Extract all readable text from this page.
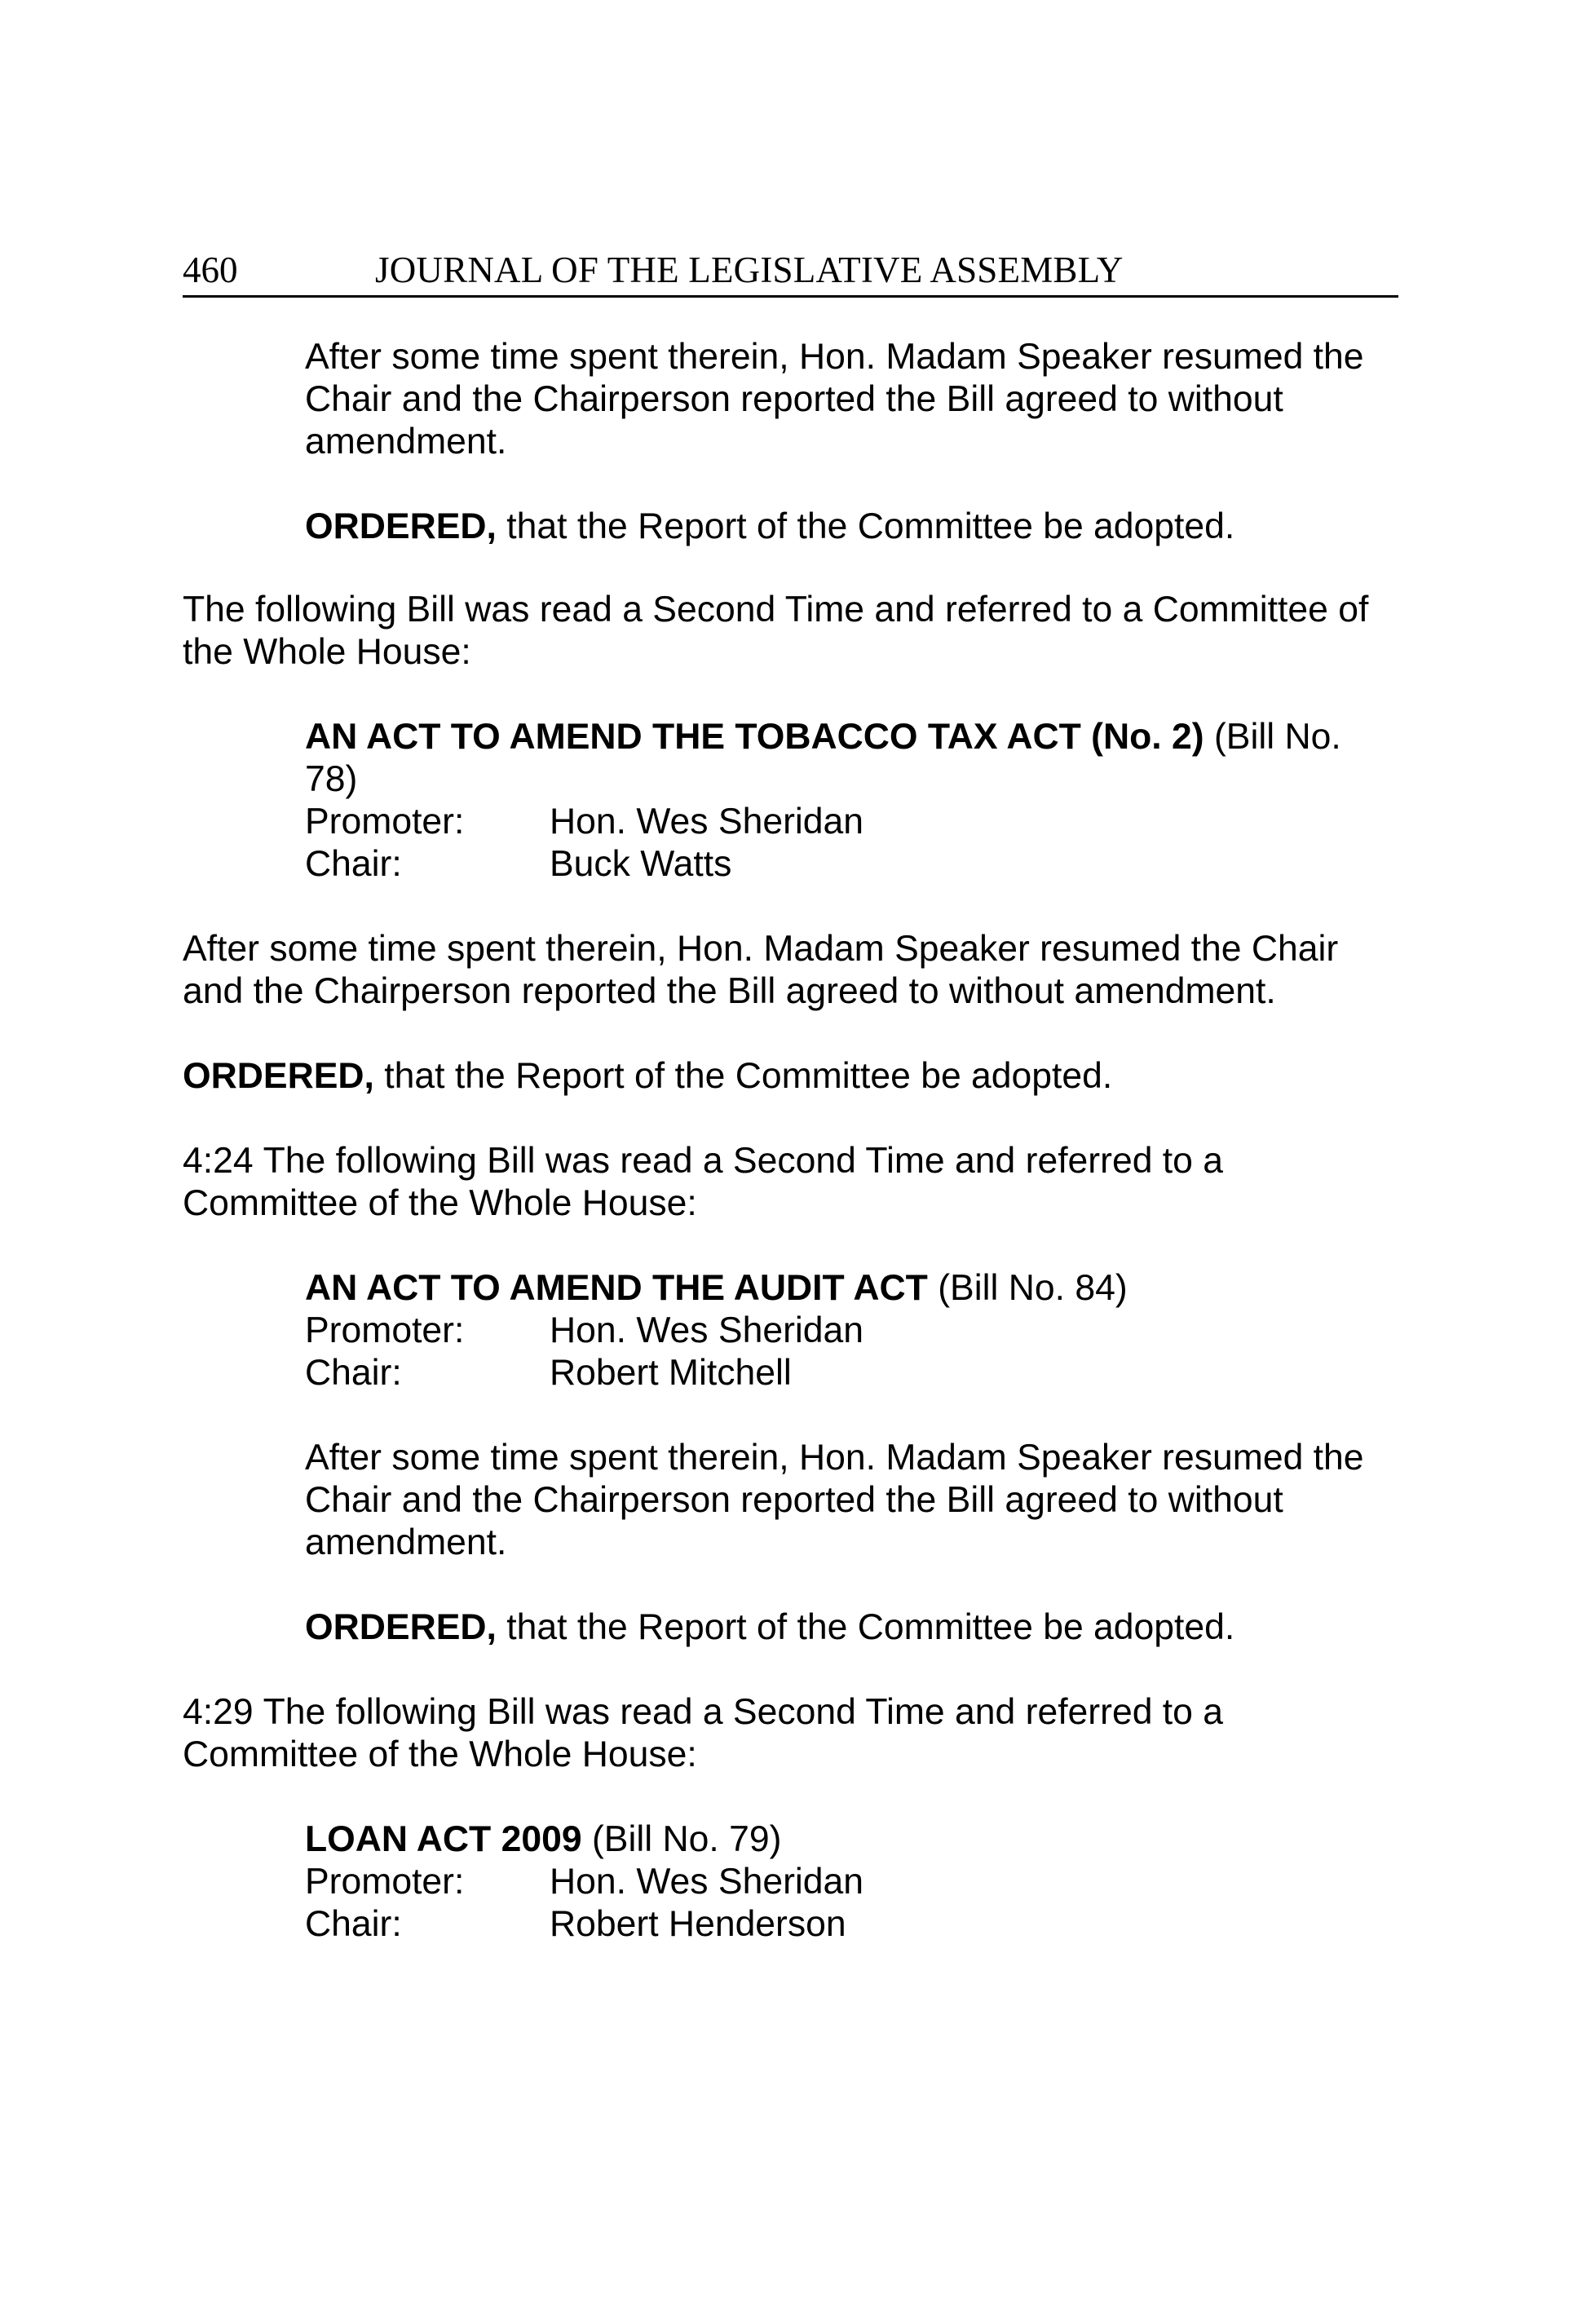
460	JOURNAL OF THE LEGISLATIVE ASSEMBLY

After some time spent therein, Hon. Madam Speaker resumed the Chair and the Chairperson reported the Bill agreed to without amendment.

ORDERED, that the Report of the Committee be adopted.

The following Bill was read a Second Time and referred to a Committee of the Whole House:

AN ACT TO AMEND THE TOBACCO TAX ACT (No. 2) (Bill No. 78)

Promoter: Hon. Wes Sheridan
Chair:	Buck Watts

After some time spent therein, Hon. Madam Speaker resumed the Chair and the Chairperson reported the Bill agreed to without amendment.

ORDERED, that the Report of the Committee be adopted.

4:24 The following Bill was read a Second Time and referred to a Committee of the Whole House:

AN ACT TO AMEND THE AUDIT ACT (Bill No. 84)

Promoter: Hon. Wes Sheridan
Chair:	Robert Mitchell

After some time spent therein, Hon. Madam Speaker resumed the Chair and the Chairperson reported the Bill agreed to without amendment.

ORDERED, that the Report of the Committee be adopted.

4:29 The following Bill was read a Second Time and referred to a Committee of the Whole House:

LOAN ACT 2009 (Bill No. 79)

Promoter: Hon. Wes Sheridan
Chair:	Robert Henderson
